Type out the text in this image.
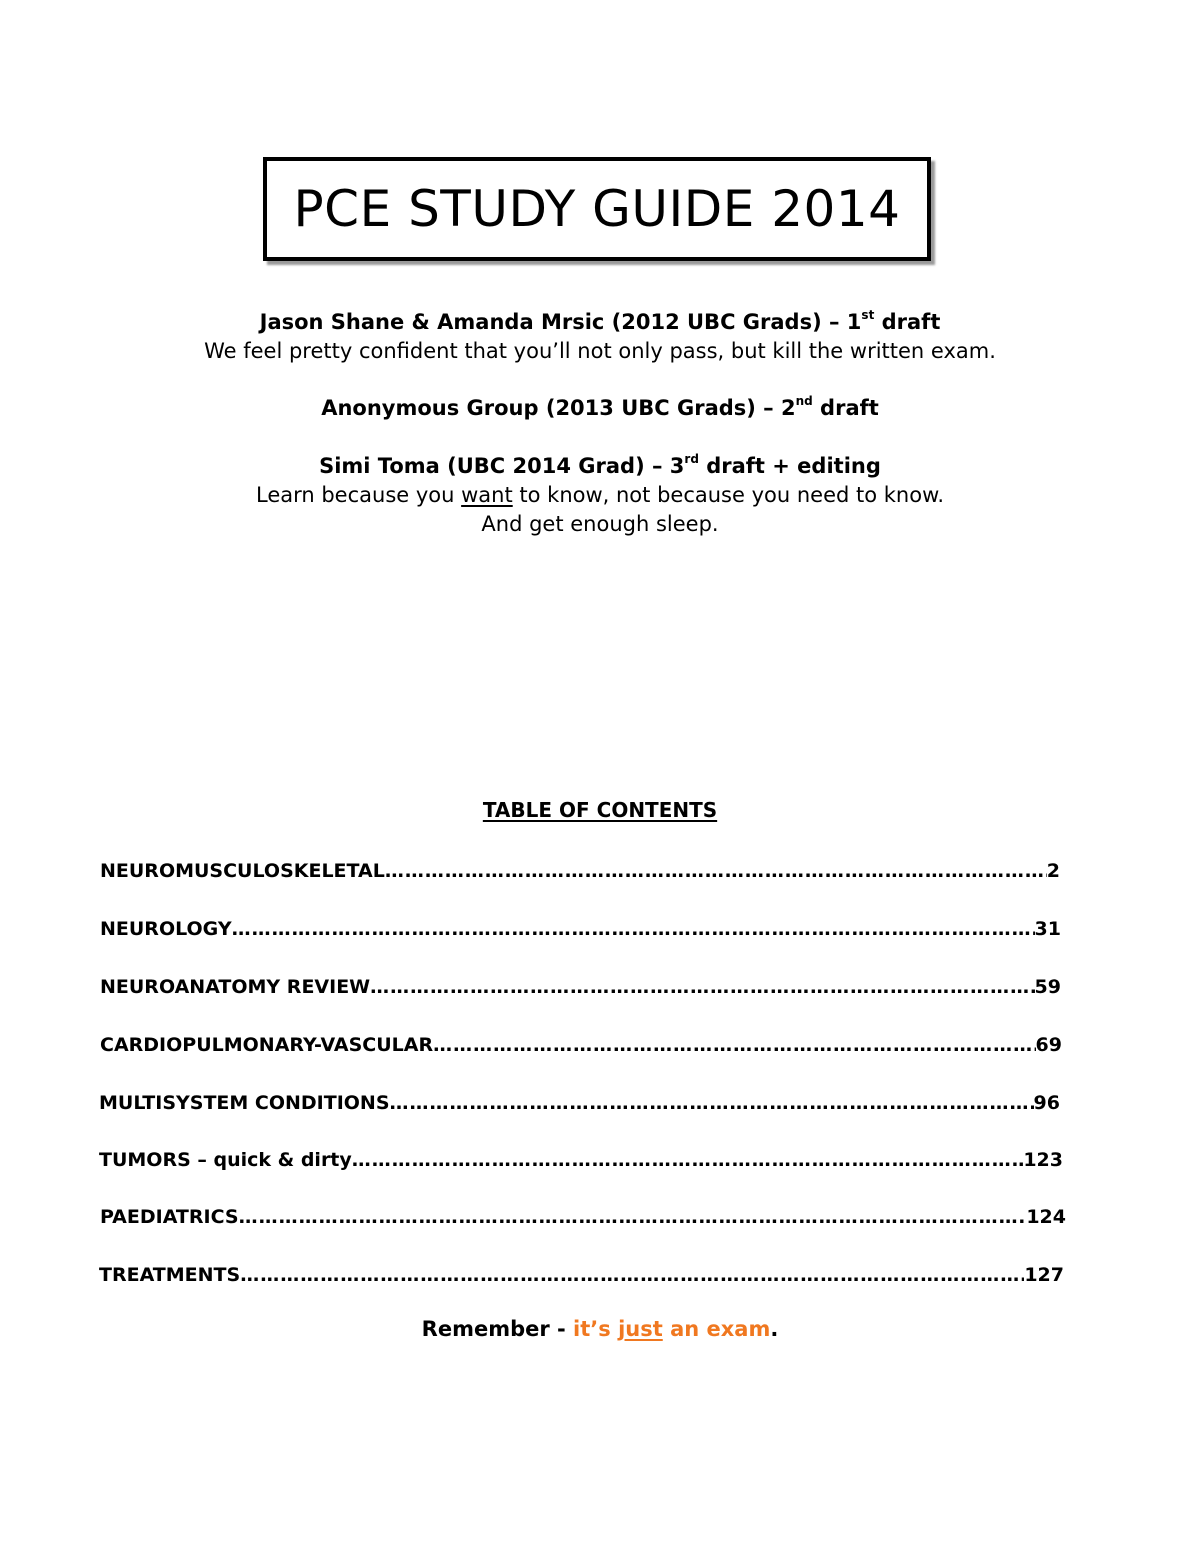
PCE STUDY GUIDE 2014
Jason Shane & Amanda Mrsic (2012 UBC Grads) – 1st draft
We feel pretty confident that you’ll not only pass, but kill the written exam.
Anonymous Group (2013 UBC Grads) – 2nd draft
Simi Toma (UBC 2014 Grad) – 3rd draft + editing
Learn because you want to know, not because you need to know.
And get enough sleep.
TABLE OF CONTENTS
NEUROMUSCULOSKELETAL ……………………………………………………………………………………………………………………………………………………………………………………………………	2
NEUROLOGY ……………………………………………………………………………………………………………………………………………………………………………………………………	31
NEUROANATOMY REVIEW ……………………………………………………………………………………………………………………………………………………………………………………………………	59
CARDIOPULMONARY-VASCULAR ……………………………………………………………………………………………………………………………………………………………………………………………………	69
MULTISYSTEM CONDITIONS ……………………………………………………………………………………………………………………………………………………………………………………………………	96
TUMORS – quick & dirty ……………………………………………………………………………………………………………………………………………………………………………………………………	123
PAEDIATRICS ……………………………………………………………………………………………………………………………………………………………………………………………………	124
TREATMENTS ……………………………………………………………………………………………………………………………………………………………………………………………………	127
Remember - it’s just an exam.
